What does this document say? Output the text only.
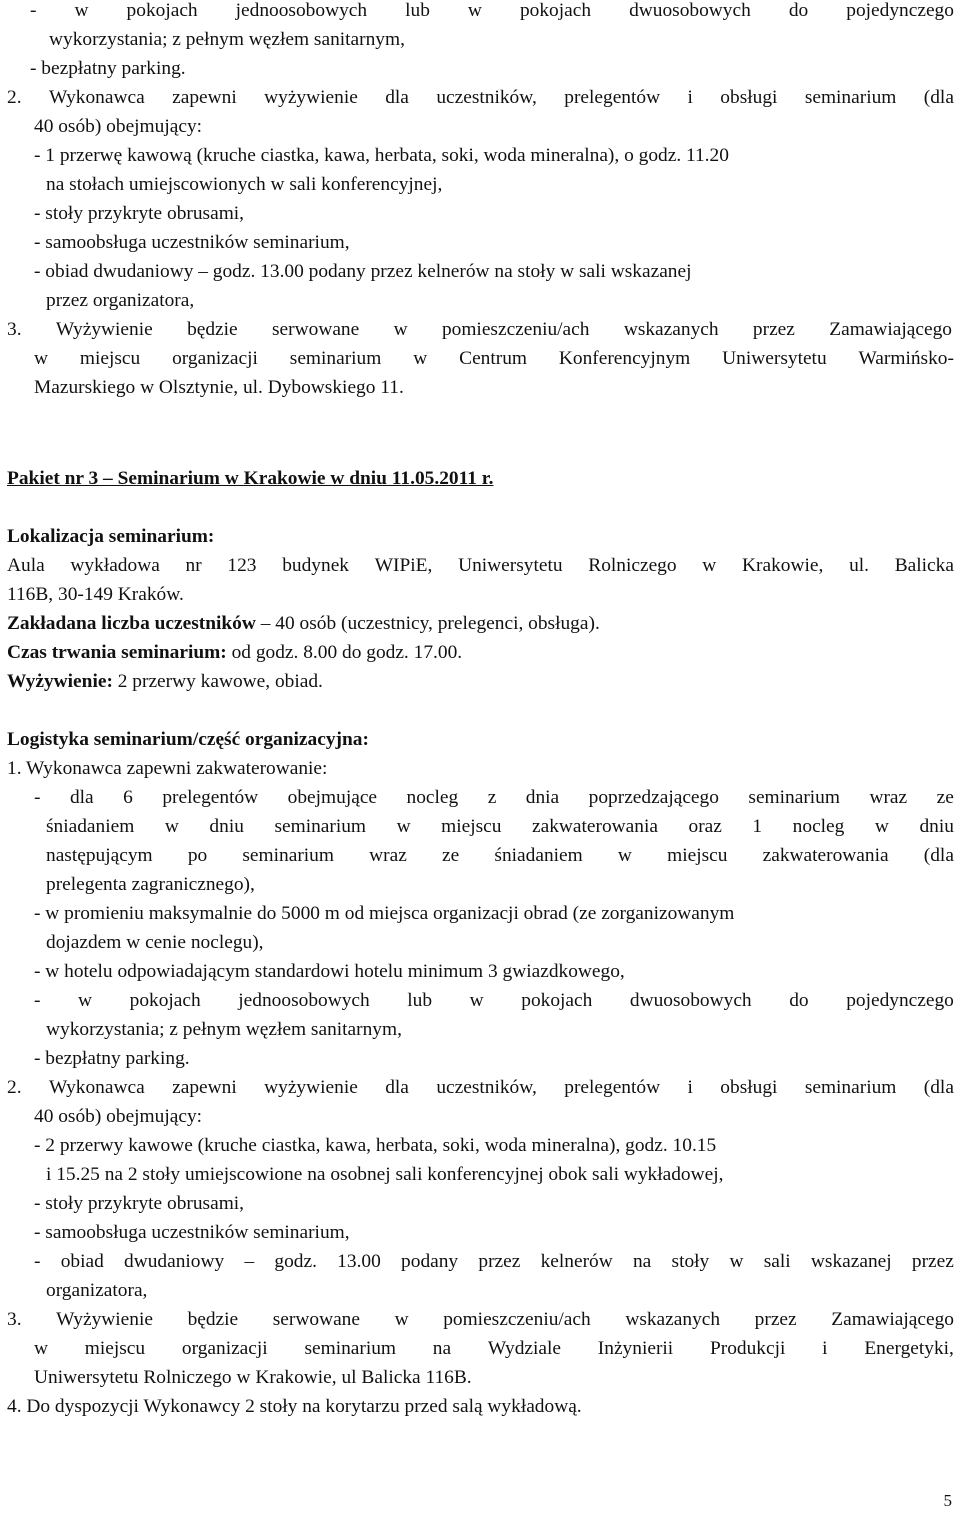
- w pokojach jednoosobowych lub w pokojach dwuosobowych do pojedynczego
wykorzystania; z pełnym węzłem sanitarnym,
- bezpłatny parking.
2. Wykonawca zapewni wyżywienie dla uczestników, prelegentów i obsługi seminarium (dla
40 osób) obejmujący:
- 1 przerwę kawową (kruche ciastka, kawa, herbata, soki, woda mineralna), o godz. 11.20
na stołach umiejscowionych w sali konferencyjnej,
- stoły przykryte obrusami,
- samoobsługa uczestników seminarium,
- obiad dwudaniowy – godz. 13.00 podany przez kelnerów na stoły w sali wskazanej
przez organizatora,
3. Wyżywienie będzie serwowane w pomieszczeniu/ach wskazanych przez Zamawiającego
w miejscu organizacji seminarium w Centrum Konferencyjnym Uniwersytetu Warmińsko-
Mazurskiego w Olsztynie, ul. Dybowskiego 11.
Pakiet nr 3 – Seminarium w Krakowie w dniu 11.05.2011 r.
Lokalizacja seminarium:
Aula wykładowa nr 123 budynek WIPiE, Uniwersytetu Rolniczego w Krakowie, ul. Balicka
116B, 30-149 Kraków.
Zakładana liczba uczestników – 40 osób (uczestnicy, prelegenci, obsługa).
Czas trwania seminarium: od godz. 8.00 do godz. 17.00.
Wyżywienie: 2 przerwy kawowe, obiad.
Logistyka seminarium/część organizacyjna:
1. Wykonawca zapewni zakwaterowanie:
- dla 6 prelegentów obejmujące nocleg z dnia poprzedzającego seminarium wraz ze
śniadaniem w dniu seminarium w miejscu zakwaterowania oraz 1 nocleg w dniu
następującym po seminarium wraz ze śniadaniem w miejscu zakwaterowania (dla
prelegenta zagranicznego),
- w promieniu maksymalnie do 5000 m od miejsca organizacji obrad (ze zorganizowanym
dojazdem w cenie noclegu),
- w hotelu odpowiadającym standardowi hotelu minimum 3 gwiazdkowego,
- w pokojach jednoosobowych lub w pokojach dwuosobowych do pojedynczego
wykorzystania; z pełnym węzłem sanitarnym,
- bezpłatny parking.
2. Wykonawca zapewni wyżywienie dla uczestników, prelegentów i obsługi seminarium (dla
40 osób) obejmujący:
- 2 przerwy kawowe (kruche ciastka, kawa, herbata, soki, woda mineralna), godz. 10.15
i 15.25 na 2 stoły umiejscowione na osobnej sali konferencyjnej obok sali wykładowej,
- stoły przykryte obrusami,
- samoobsługa uczestników seminarium,
- obiad dwudaniowy – godz. 13.00 podany przez kelnerów na stoły w sali wskazanej przez
organizatora,
3. Wyżywienie będzie serwowane w pomieszczeniu/ach wskazanych przez Zamawiającego
w miejscu organizacji seminarium na Wydziale Inżynierii Produkcji i Energetyki,
Uniwersytetu Rolniczego w Krakowie, ul Balicka 116B.
4. Do dyspozycji Wykonawcy 2 stoły na korytarzu przed salą wykładową.
5
